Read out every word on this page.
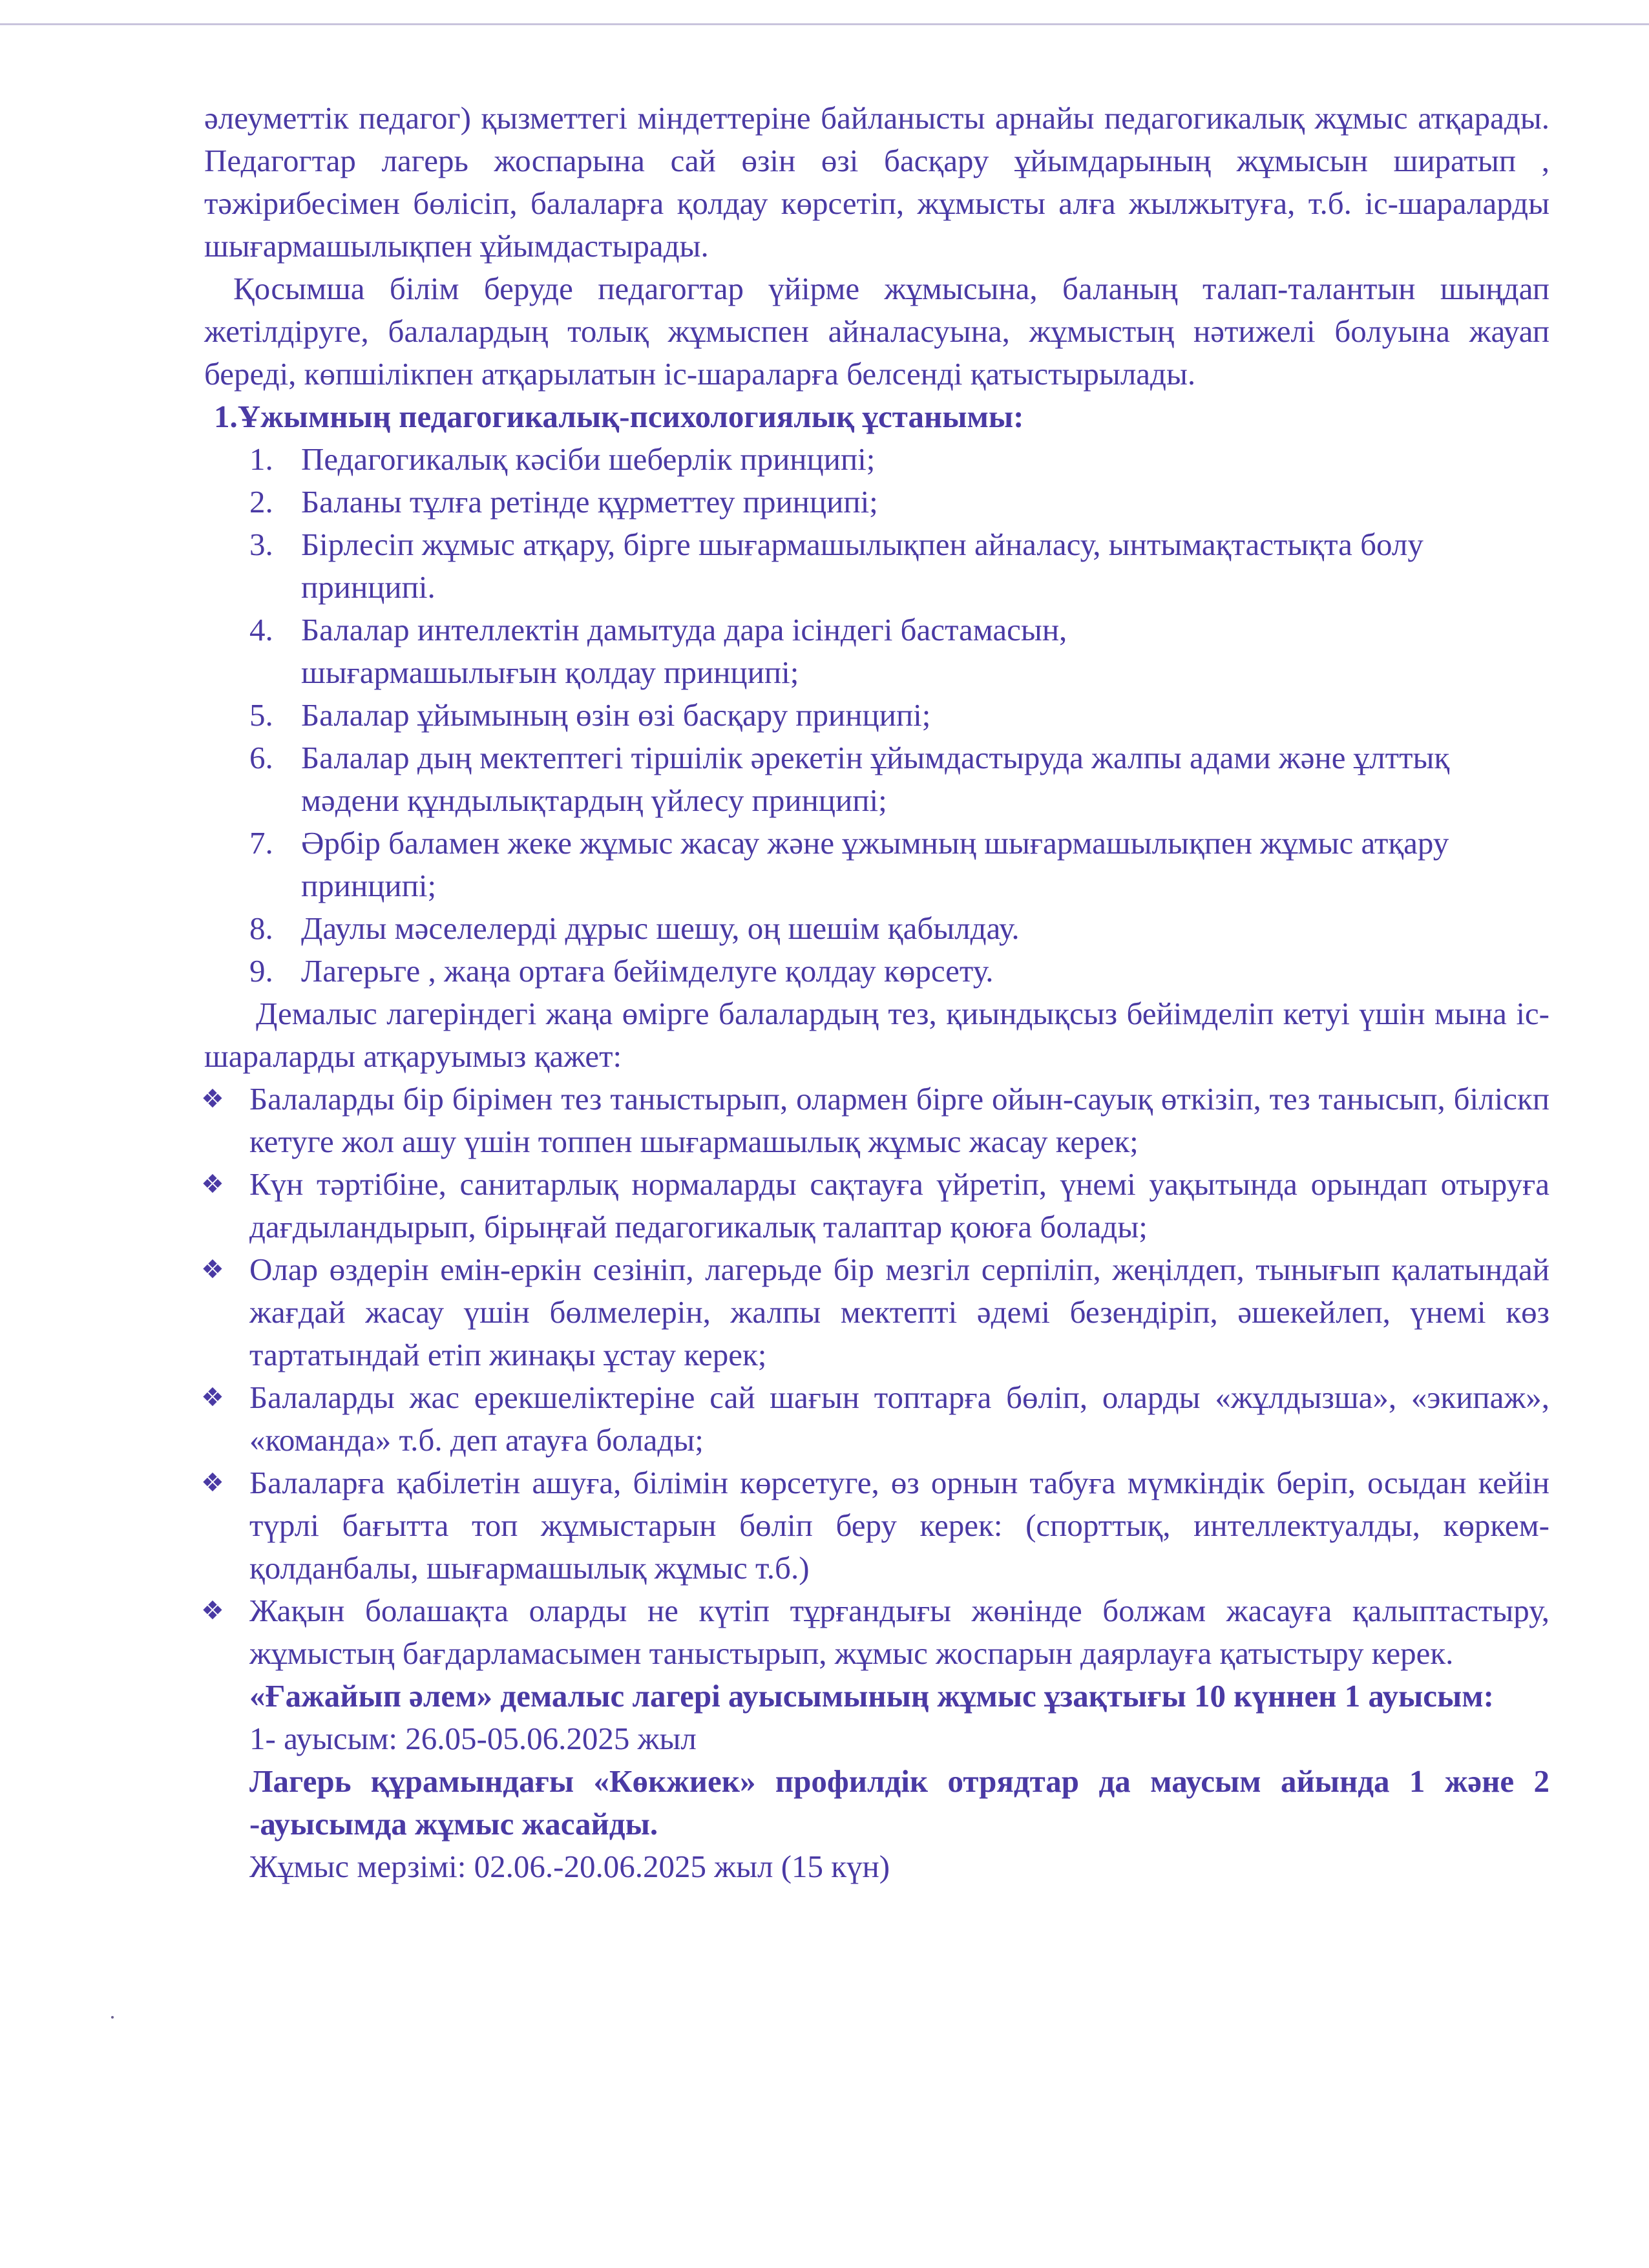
әлеуметтік педагог) қызметтегі міндеттеріне байланысты арнайы педагогикалық жұмыс атқарады. Педагогтар лагерь жоспарына сай өзін өзі басқару ұйымдарының жұмысын ширатып , тәжірибесімен бөлісіп, балаларға қолдау көрсетіп, жұмысты алға жылжытуға, т.б. іс-шараларды шығармашылықпен ұйымдастырады.

Қосымша білім беруде педагогтар үйірме жұмысына, баланың талап-талантын шыңдап жетілдіруге, балалардың толық жұмыспен айналасуына, жұмыстың нәтижелі болуына жауап береді, көпшілікпен атқарылатын іс-шараларға белсенді қатыстырылады.

1.Ұжымның педагогикалық-психологиялық ұстанымы:

1. Педагогикалық кәсіби шеберлік принципі;
2. Баланы тұлға ретінде құрметтеу принципі;
3. Бірлесіп жұмыс атқару, бірге шығармашылықпен айналасу, ынтымақтастықта болу принципі.
4. Балалар интеллектін дамытуда дара ісіндегі бастамасын,
шығармашылығын қолдау принципі;
5. Балалар ұйымының өзін өзі басқару принципі;
6. Балалар дың мектептегі тіршілік әрекетін ұйымдастыруда жалпы адами және ұлттық мәдени құндылықтардың үйлесу принципі;
7. Әрбір баламен жеке жұмыс жасау және ұжымның шығармашылықпен жұмыс атқару принципі;
8. Даулы мәселелерді дұрыс шешу, оң шешім қабылдау.
9. Лагерьге , жаңа ортаға бейімделуге қолдау көрсету.

Демалыс лагеріндегі жаңа өмірге балалардың тез, қиындықсыз бейімделіп кетуі үшін мына іс-шараларды атқаруымыз қажет:

❖ Балаларды бір бірімен тез таныстырып, олармен бірге ойын-сауық өткізіп, тез танысып, біліскп кетуге жол ашу үшін топпен шығармашылық жұмыс жасау керек;
❖ Күн тәртібіне, санитарлық нормаларды сақтауға үйретіп, үнемі уақытында орындап отыруға дағдыландырып, бірыңғай педагогикалық талаптар қоюға болады;
❖ Олар өздерін емін-еркін сезініп, лагерьде бір мезгіл серпіліп, жеңілдеп, тынығып қалатындай жағдай жасау үшін бөлмелерін, жалпы мектепті әдемі безендіріп, әшекейлеп, үнемі көз тартатындай етіп жинақы ұстау керек;
❖ Балаларды жас ерекшеліктеріне сай шағын топтарға бөліп, оларды «жұлдызша», «экипаж», «команда» т.б. деп атауға болады;
❖ Балаларға қабілетін ашуға, білімін көрсетуге, өз орнын табуға мүмкіндік беріп, осыдан кейін түрлі бағытта топ жұмыстарын бөліп беру керек: (спорттық, интеллектуалды, көркем-қолданбалы, шығармашылық жұмыс т.б.)
❖ Жақын болашақта оларды не күтіп тұрғандығы жөнінде болжам жасауға қалыптастыру, жұмыстың бағдарламасымен таныстырып, жұмыс жоспарын даярлауға қатыстыру керек.

«Ғажайып әлем» демалыс лагері ауысымының жұмыс ұзақтығы 10 күннен 1 ауысым:

1- ауысым: 26.05-05.06.2025 жыл

Лагерь құрамындағы «Көкжиек» профилдік отрядтар да маусым айында 1 және 2 -ауысымда жұмыс жасайды.

Жұмыс мерзімі: 02.06.-20.06.2025 жыл (15 күн)
